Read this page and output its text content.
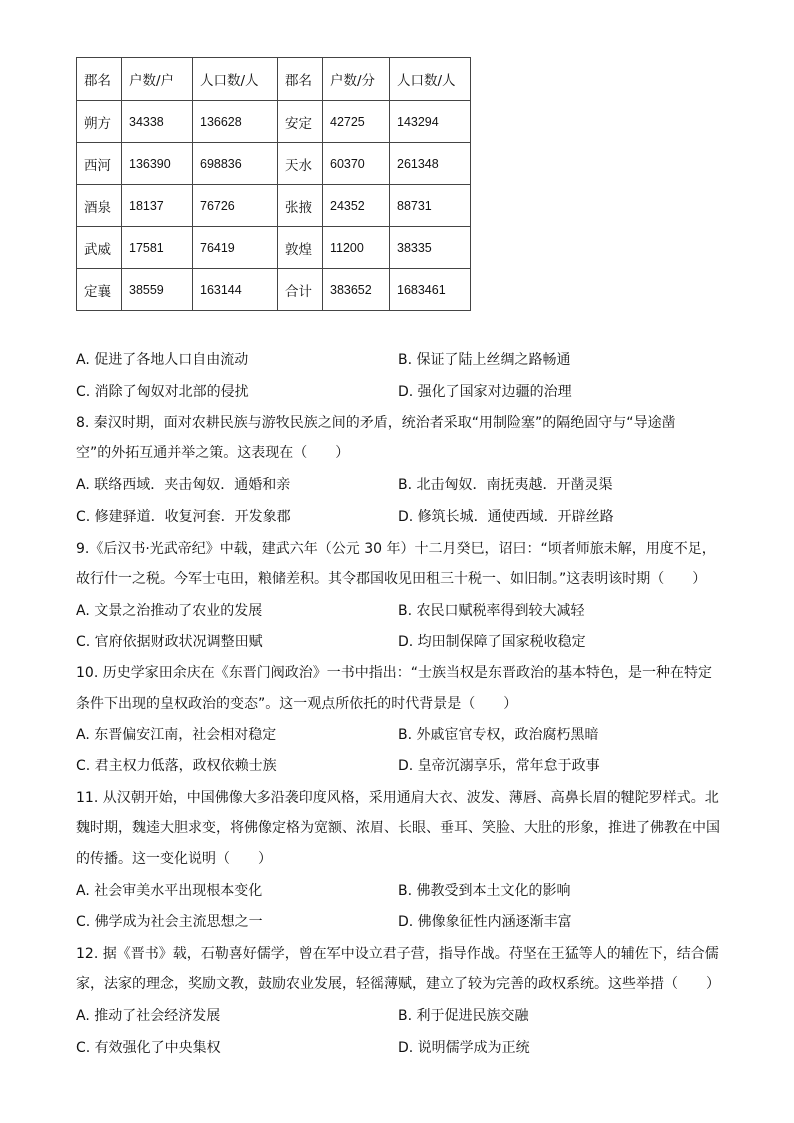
郡名	户数/户	人口数/人	郡名	户数/分	人口数/人
朔方	34338	136628	安定	42725	143294
西河	136390	698836	天水	60370	261348
酒泉	18137	76726	张掖	24352	88731
武威	17581	76419	敦煌	11200	38335
定襄	38559	163144	合计	383652	1683461
A. 促进了各地人口自由流动	B. 保证了陆上丝绸之路畅通
C. 消除了匈奴对北部的侵扰	D. 强化了国家对边疆的治理
8. 秦汉时期，面对农耕民族与游牧民族之间的矛盾，统治者采取“用制险塞”的隔绝固守与“导途凿
空”的外拓互通并举之策。这表现在（　　）
A. 联络西域．夹击匈奴．通婚和亲	B. 北击匈奴．南抚夷越．开凿灵渠
C. 修建驿道．收复河套．开发象郡	D. 修筑长城．通使西域．开辟丝路
9.《后汉书·光武帝纪》中载，建武六年（公元 30 年）十二月癸巳，诏曰：“顷者师旅未解，用度不足，
故行什一之税。今军士屯田，粮储差积。其令郡国收见田租三十税一、如旧制。”这表明该时期（　　）
A. 文景之治推动了农业的发展	B. 农民口赋税率得到较大减轻
C. 官府依据财政状况调整田赋	D. 均田制保障了国家税收稳定
10. 历史学家田余庆在《东晋门阀政治》一书中指出：“士族当权是东晋政治的基本特色，是一种在特定
条件下出现的皇权政治的变态”。这一观点所依托的时代背景是（　　）
A. 东晋偏安江南，社会相对稳定	B. 外戚宦官专权，政治腐朽黑暗
C. 君主权力低落，政权依赖士族	D. 皇帝沉溺享乐，常年怠于政事
11. 从汉朝开始，中国佛像大多沿袭印度风格，采用通肩大衣、波发、薄唇、高鼻长眉的犍陀罗样式。北
魏时期，魏逵大胆求变，将佛像定格为宽额、浓眉、长眼、垂耳、笑脸、大肚的形象，推进了佛教在中国
的传播。这一变化说明（　　）
A. 社会审美水平出现根本变化	B. 佛教受到本土文化的影响
C. 佛学成为社会主流思想之一	D. 佛像象征性内涵逐渐丰富
12. 据《晋书》载，石勒喜好儒学，曾在军中设立君子营，指导作战。苻坚在王猛等人的辅佐下，结合儒
家，法家的理念，奖励文教，鼓励农业发展，轻徭薄赋，建立了较为完善的政权系统。这些举措（　　）
A. 推动了社会经济发展	B. 利于促进民族交融
C. 有效强化了中央集权	D. 说明儒学成为正统
